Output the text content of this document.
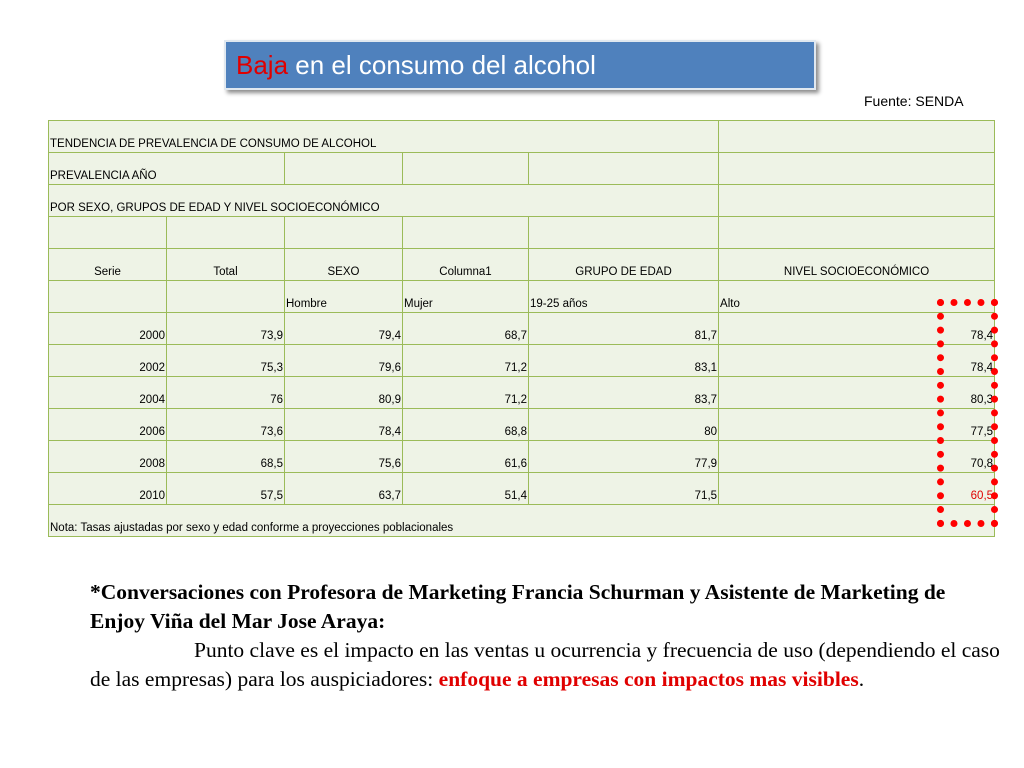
Baja en el consumo del alcohol
Fuente: SENDA
TENDENCIA DE PREVALENCIA DE CONSUMO DE ALCOHOL					
PREVALENCIA AÑO					
POR SEXO, GRUPOS DE EDAD Y NIVEL SOCIOECONÓMICO					

Serie	Total	SEXO	Columna1	GRUPO DE EDAD	NIVEL SOCIOECONÓMICO
		Hombre	Mujer	19-25 años	Alto
2000	73,9	79,4	68,7	81,7	78,4
2002	75,3	79,6	71,2	83,1	78,4
2004	76	80,9	71,2	83,7	80,3
2006	73,6	78,4	68,8	80	77,5
2008	68,5	75,6	61,6	77,9	70,8
2010	57,5	63,7	51,4	71,5	60,5
Nota: Tasas ajustadas por sexo y edad conforme a proyecciones poblacionales					
*Conversaciones con Profesora de Marketing Francia Schurman y Asistente de Marketing de Enjoy Viña del Mar Jose Araya:
Punto clave es el impacto en las ventas u ocurrencia y frecuencia de uso (dependiendo el caso de las empresas) para los auspiciadores: enfoque a empresas con impactos mas visibles.
